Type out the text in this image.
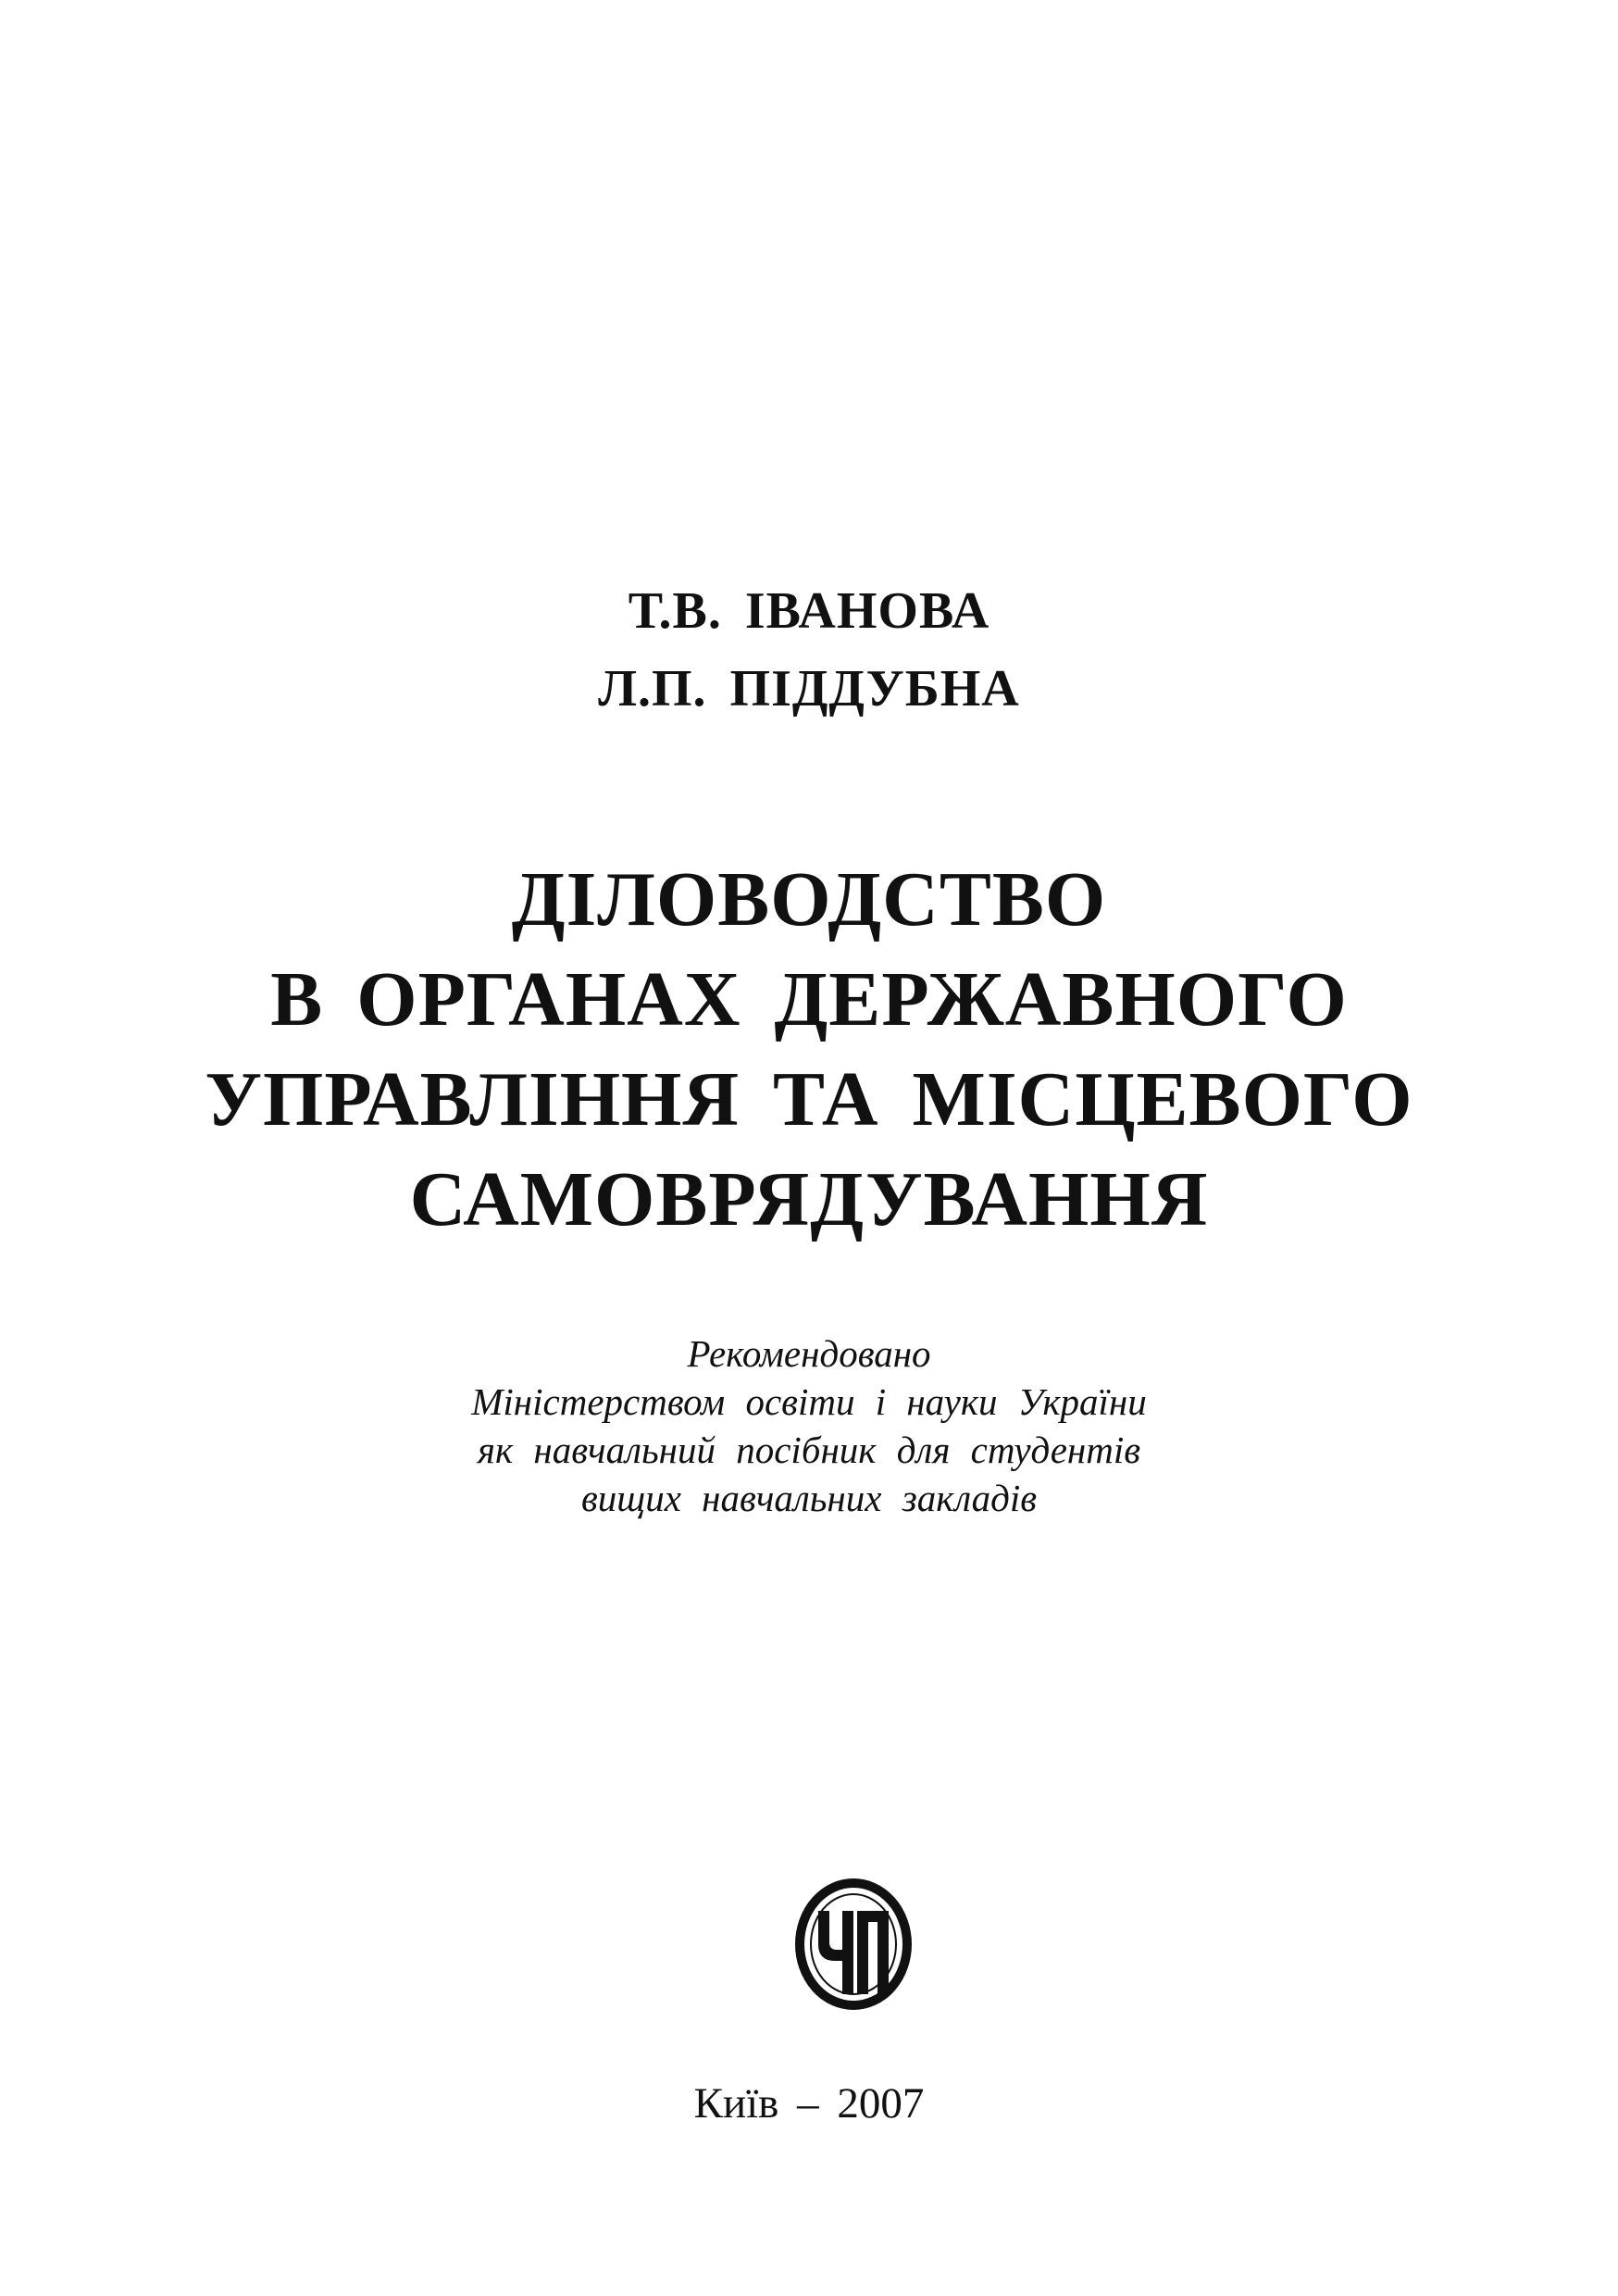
Т.В. ІВАНОВА
Л.П. ПІДДУБНА
ДІЛОВОДСТВО
В ОРГАНАХ ДЕРЖАВНОГО
УПРАВЛІННЯ ТА МІСЦЕВОГО
САМОВРЯДУВАННЯ
Рекомендовано
Міністерством освіти і науки України
як навчальний посібник для студентів
вищих навчальних закладів
Київ – 2007
